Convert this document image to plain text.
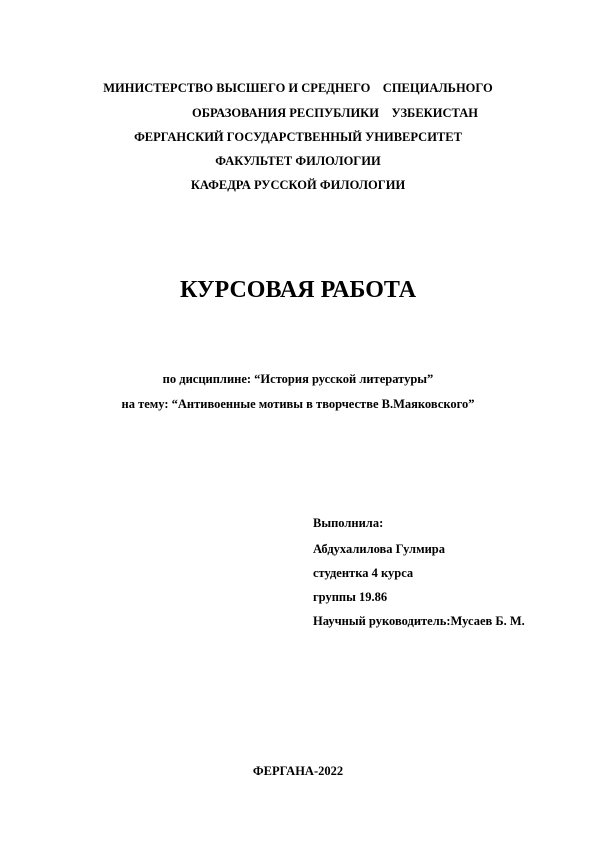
МИНИСТЕРСТВО ВЫСШЕГО И СРЕДНЕГО    СПЕЦИАЛЬНОГО
ОБРАЗОВАНИЯ РЕСПУБЛИКИ    УЗБЕКИСТАН
ФЕРГАНСКИЙ ГОСУДАРСТВЕННЫЙ УНИВЕРСИТЕТ
ФАКУЛЬТЕТ ФИЛОЛОГИИ
КАФЕДРА РУССКОЙ ФИЛОЛОГИИ
КУРСОВАЯ РАБОТА
по дисциплине: “История русской литературы”
на тему: “Антивоенные мотивы в творчестве В.Маяковского”
Выполнила:
Абдухалилова Гулмира
студентка 4 курса
группы 19.86
Научный руководитель:Мусаев Б. М.
ФЕРГАНА-2022
